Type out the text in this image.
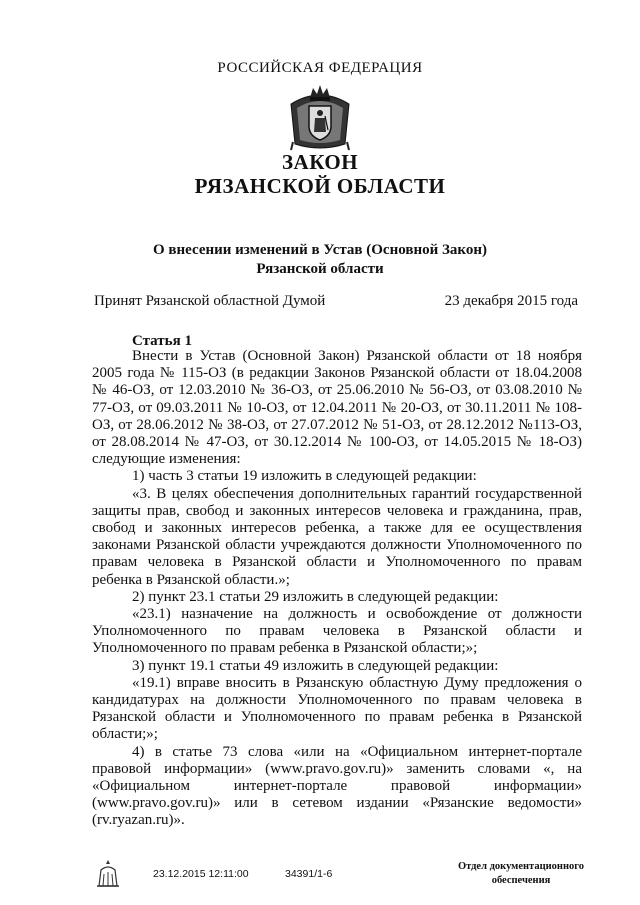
РОССИЙСКАЯ ФЕДЕРАЦИЯ
ЗАКОН
РЯЗАНСКОЙ ОБЛАСТИ
О внесении изменений в Устав (Основной Закон)
Рязанской области
Принят Рязанской областной Думой	23 декабря 2015 года
Статья 1

Внести в Устав (Основной Закон) Рязанской области от 18 ноября 2005 года № 115-ОЗ (в редакции Законов Рязанской области от 18.04.2008 № 46-ОЗ, от 12.03.2010 № 36-ОЗ, от 25.06.2010 № 56-ОЗ, от 03.08.2010 № 77-ОЗ, от 09.03.2011 № 10-ОЗ, от 12.04.2011 № 20-ОЗ, от 30.11.2011 № 108-ОЗ, от 28.06.2012 № 38-ОЗ, от 27.07.2012 № 51-ОЗ, от 28.12.2012 №113-ОЗ, от 28.08.2014 № 47-ОЗ, от 30.12.2014 № 100-ОЗ, от 14.05.2015 № 18-ОЗ) следующие изменения:

1) часть 3 статьи 19 изложить в следующей редакции:

«3. В целях обеспечения дополнительных гарантий государственной защиты прав, свобод и законных интересов человека и гражданина, прав, свобод и законных интересов ребенка, а также для ее осуществления законами Рязанской области учреждаются должности Уполномоченного по правам человека в Рязанской области и Уполномоченного по правам ребенка в Рязанской области.»;

2) пункт 23.1 статьи 29 изложить в следующей редакции:

«23.1) назначение на должность и освобождение от должности Уполномоченного по правам человека в Рязанской области и Уполномоченного по правам ребенка в Рязанской области;»;

3) пункт 19.1 статьи 49 изложить в следующей редакции:

«19.1) вправе вносить в Рязанскую областную Думу предложения о кандидатурах на должности Уполномоченного по правам человека в Рязанской области и Уполномоченного по правам ребенка в Рязанской области;»;

4) в статье 73 слова «или на «Официальном интернет-портале правовой информации» (www.pravo.gov.ru)» заменить словами «, на «Официальном интернет-портале правовой информации» (www.pravo.gov.ru)» или в сетевом издании «Рязанские ведомости» (rv.ryazan.ru)».

23.12.2015 12:11:00	34391/1-6
Отдел документационного
обеспечения
